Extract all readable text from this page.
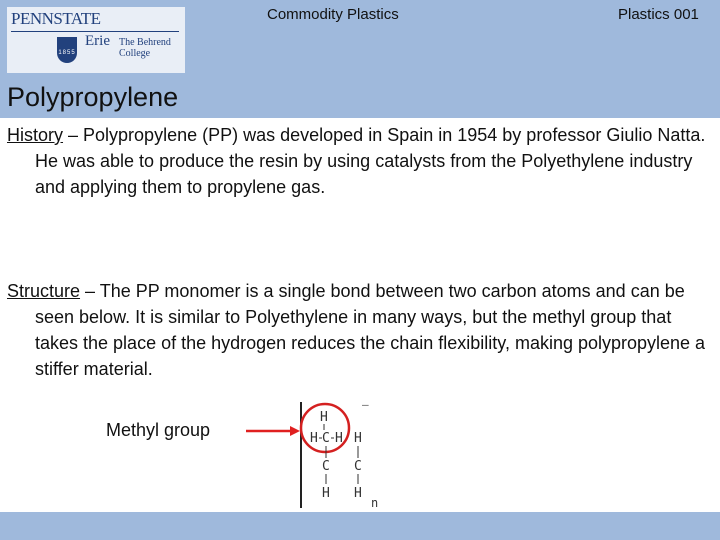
PENNSTATE
1855
Erie The Behrend
College
Commodity Plastics	Plastics 001
Polypropylene
History – Polypropylene (PP) was developed in Spain in 1954 by professor Giulio Natta. He was able to produce the resin by using catalysts from the Polyethylene industry and applying them to propylene gas.
Structure – The PP monomer is a single bond between two carbon atoms and can be seen below. It is similar to Polyethylene in many ways, but the methyl group that takes the place of the hydrogen reduces the chain flexibility, making polypropylene a stiffer material.
Methyl group
H
H C H
C
H
H
C
H
–
n
